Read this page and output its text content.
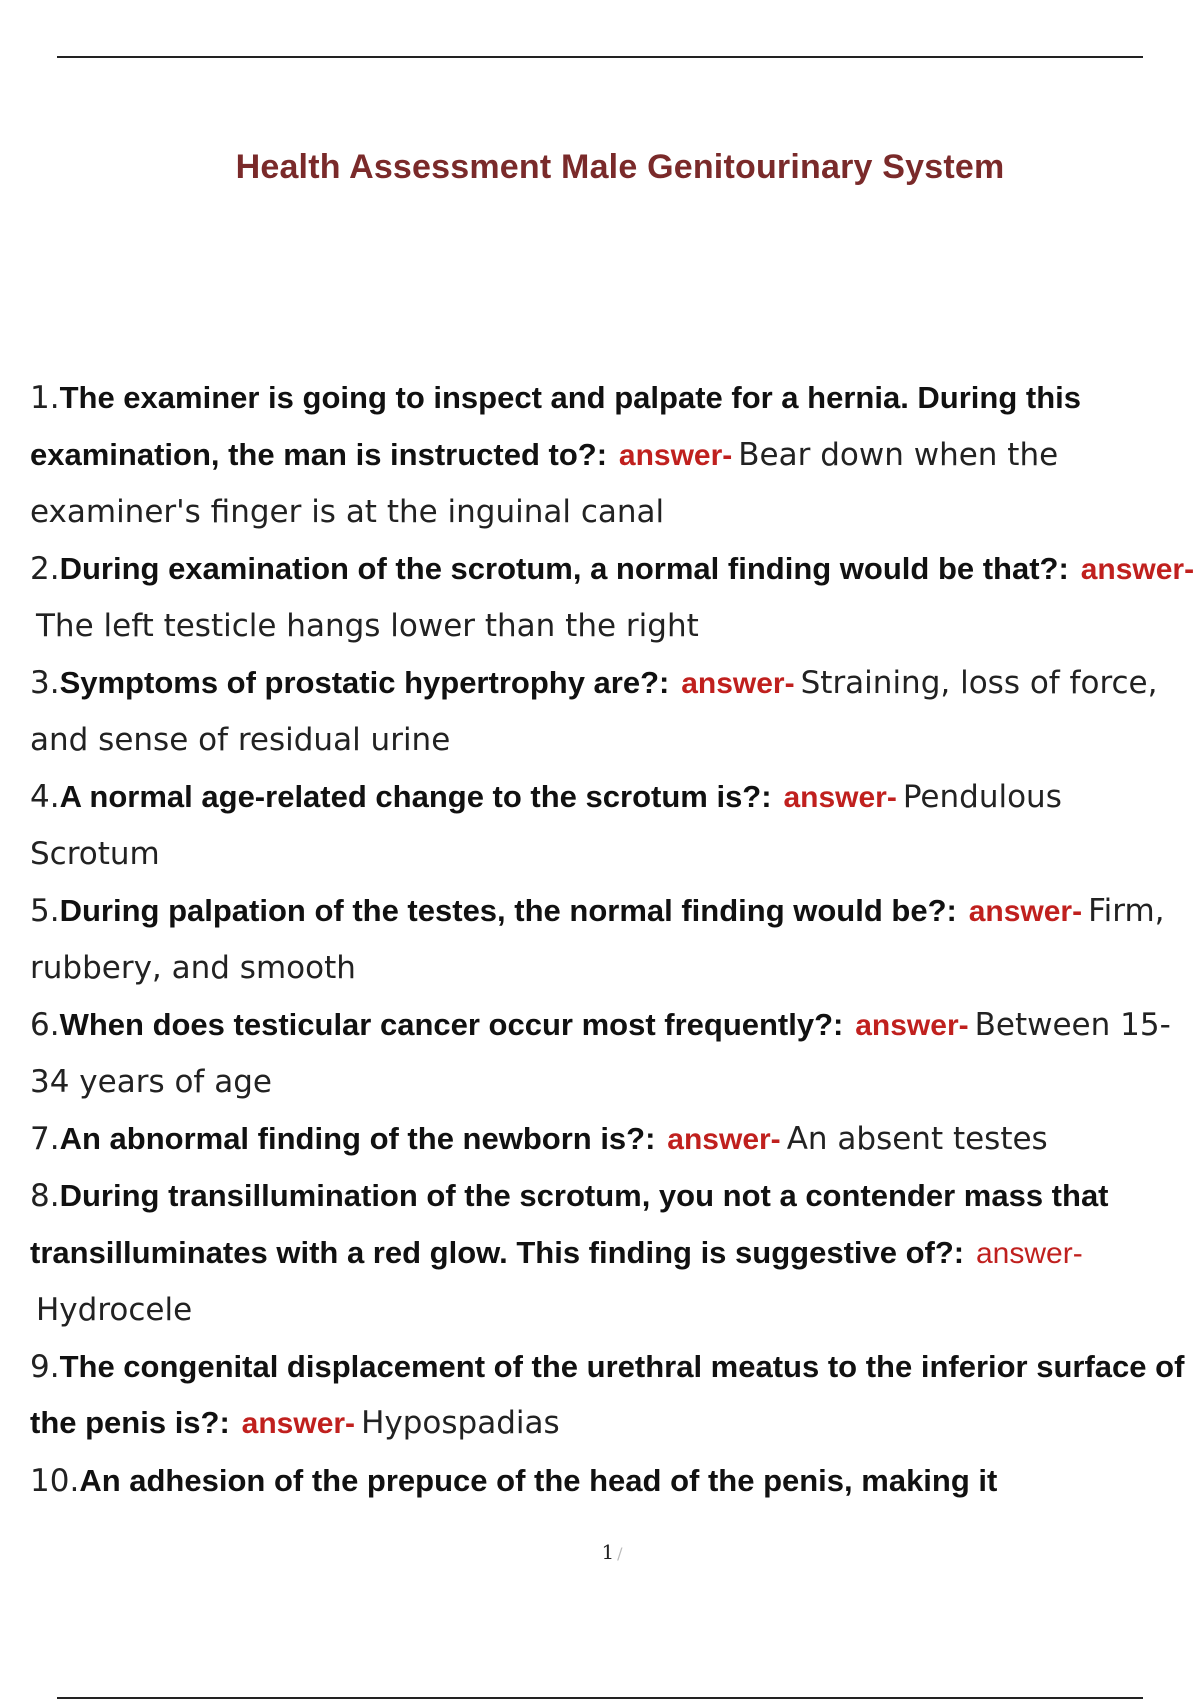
Health Assessment Male Genitourinary System
1.The examiner is going to inspect and palpate for a hernia. During this examination, the man is instructed to?: answer- Bear down when the examiner's finger is at the inguinal canal
2.During examination of the scrotum, a normal finding would be that?: answer-The left testicle hangs lower than the right
3.Symptoms of prostatic hypertrophy are?: answer- Straining, loss of force, and sense of residual urine
4.A normal age-related change to the scrotum is?: answer- Pendulous Scrotum
5.During palpation of the testes, the normal finding would be?: answer- Firm, rubbery, and smooth
6.When does testicular cancer occur most frequently?: answer- Between 15-34 years of age
7.An abnormal finding of the newborn is?: answer- An absent testes
8.During transillumination of the scrotum, you not a contender mass that transilluminates with a red glow. This finding is suggestive of?: answer-Hydrocele
9.The congenital displacement of the urethral meatus to the inferior surface of the penis is?: answer- Hypospadias
10.An adhesion of the prepuce of the head of the penis, making it
1 /
